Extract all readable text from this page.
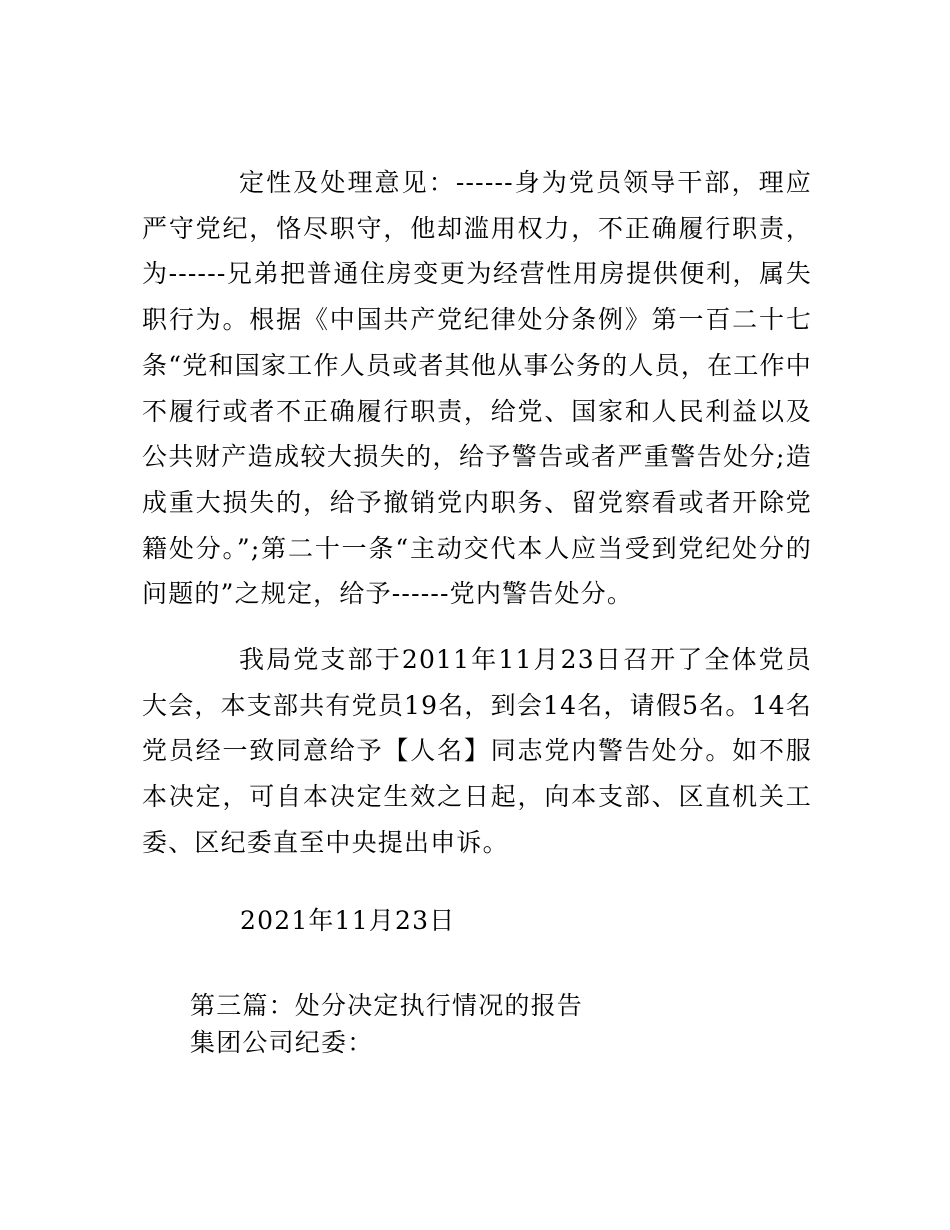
定性及处理意见：------身为党员领导干部，理应严守党纪，恪尽职守，他却滥用权力，不正确履行职责，为------兄弟把普通住房变更为经营性用房提供便利，属失职行为。根据《中国共产党纪律处分条例》第一百二十七条“党和国家工作人员或者其他从事公务的人员，在工作中不履行或者不正确履行职责，给党、国家和人民利益以及公共财产造成较大损失的，给予警告或者严重警告处分;造成重大损失的，给予撤销党内职务、留党察看或者开除党籍处分。”;第二十一条“主动交代本人应当受到党纪处分的问题的”之规定，给予------党内警告处分。

我局党支部于2011年11月23日召开了全体党员大会，本支部共有党员19名，到会14名，请假5名。14名党员经一致同意给予【人名】同志党内警告处分。如不服本决定，可自本决定生效之日起，向本支部、区直机关工委、区纪委直至中央提出申诉。

2021年11月23日

第三篇：处分决定执行情况的报告

集团公司纪委：
